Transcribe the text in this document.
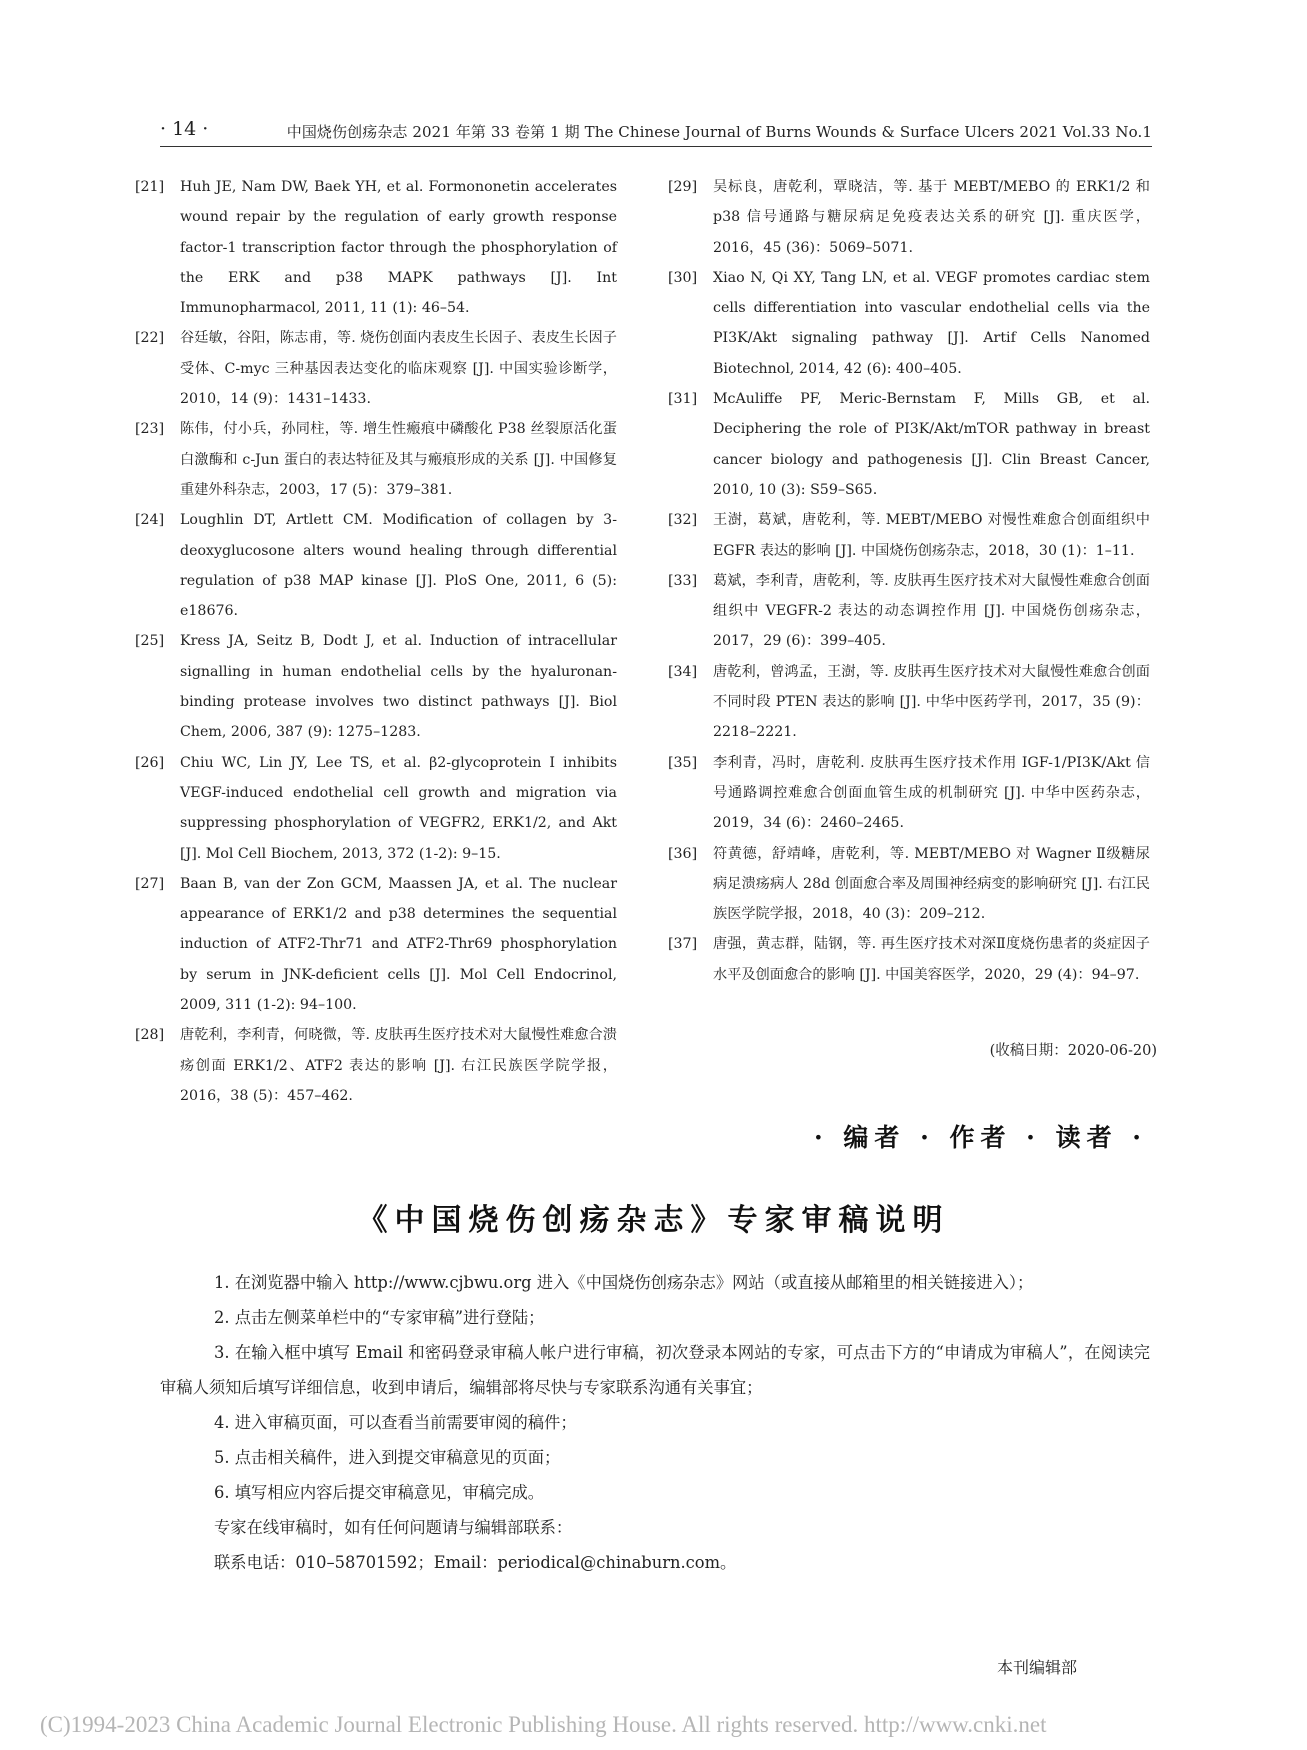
· 14 ·	中国烧伤创疡杂志 2021 年第 33 卷第 1 期 The Chinese Journal of Burns Wounds & Surface Ulcers 2021 Vol.33 No.1
[21]	Huh JE, Nam DW, Baek YH, et al. Formononetin accelerates wound repair by the regulation of early growth response factor-1 transcription factor through the phosphorylation of the ERK and p38 MAPK pathways [J]. Int Immunopharmacol, 2011, 11 (1): 46–54.
[22]	谷廷敏，谷阳，陈志甫，等. 烧伤创面内表皮生长因子、表皮生长因子受体、C-myc 三种基因表达变化的临床观察 [J]. 中国实验诊断学，2010，14 (9)：1431–1433.
[23]	陈伟，付小兵，孙同柱，等. 增生性瘢痕中磷酸化 P38 丝裂原活化蛋白激酶和 c-Jun 蛋白的表达特征及其与瘢痕形成的关系 [J]. 中国修复重建外科杂志，2003，17 (5)：379–381.
[24]	Loughlin DT, Artlett CM. Modification of collagen by 3-deoxyglucosone alters wound healing through differential regulation of p38 MAP kinase [J]. PloS One, 2011, 6 (5): e18676.
[25]	Kress JA, Seitz B, Dodt J, et al. Induction of intracellular signalling in human endothelial cells by the hyaluronan-binding protease involves two distinct pathways [J]. Biol Chem, 2006, 387 (9): 1275–1283.
[26]	Chiu WC, Lin JY, Lee TS, et al. β2-glycoprotein I inhibits VEGF-induced endothelial cell growth and migration via suppressing phosphorylation of VEGFR2, ERK1/2, and Akt [J]. Mol Cell Biochem, 2013, 372 (1-2): 9–15.
[27]	Baan B, van der Zon GCM, Maassen JA, et al. The nuclear appearance of ERK1/2 and p38 determines the sequential induction of ATF2-Thr71 and ATF2-Thr69 phosphorylation by serum in JNK-deficient cells [J]. Mol Cell Endocrinol, 2009, 311 (1-2): 94–100.
[28]	唐乾利，李利青，何晓微，等. 皮肤再生医疗技术对大鼠慢性难愈合溃疡创面 ERK1/2、ATF2 表达的影响 [J]. 右江民族医学院学报，2016，38 (5)：457–462.
[29]	吴标良，唐乾利，覃晓洁，等. 基于 MEBT/MEBO 的 ERK1/2 和 p38 信号通路与糖尿病足免疫表达关系的研究 [J]. 重庆医学，2016，45 (36)：5069–5071.
[30]	Xiao N, Qi XY, Tang LN, et al. VEGF promotes cardiac stem cells differentiation into vascular endothelial cells via the PI3K/Akt signaling pathway [J]. Artif Cells Nanomed Biotechnol, 2014, 42 (6): 400–405.
[31]	McAuliffe PF, Meric-Bernstam F, Mills GB, et al. Deciphering the role of PI3K/Akt/mTOR pathway in breast cancer biology and pathogenesis [J]. Clin Breast Cancer, 2010, 10 (3): S59–S65.
[32]	王澍，葛斌，唐乾利，等. MEBT/MEBO 对慢性难愈合创面组织中 EGFR 表达的影响 [J]. 中国烧伤创疡杂志，2018，30 (1)：1–11.
[33]	葛斌，李利青，唐乾利，等. 皮肤再生医疗技术对大鼠慢性难愈合创面组织中 VEGFR-2 表达的动态调控作用 [J]. 中国烧伤创疡杂志，2017，29 (6)：399–405.
[34]	唐乾利，曾鸿孟，王澍，等. 皮肤再生医疗技术对大鼠慢性难愈合创面不同时段 PTEN 表达的影响 [J]. 中华中医药学刊，2017，35 (9)：2218–2221.
[35]	李利青，冯时，唐乾利. 皮肤再生医疗技术作用 IGF-1/PI3K/Akt 信号通路调控难愈合创面血管生成的机制研究 [J]. 中华中医药杂志，2019，34 (6)：2460–2465.
[36]	符黄德，舒靖峰，唐乾利，等. MEBT/MEBO 对 Wagner Ⅱ级糖尿病足溃疡病人 28d 创面愈合率及周围神经病变的影响研究 [J]. 右江民族医学院学报，2018，40 (3)：209–212.
[37]	唐强，黄志群，陆钢，等. 再生医疗技术对深Ⅱ度烧伤患者的炎症因子水平及创面愈合的影响 [J]. 中国美容医学，2020，29 (4)：94–97.
(收稿日期：2020-06-20)
· 编者 · 作者 · 读者 ·
《中国烧伤创疡杂志》专家审稿说明

1. 在浏览器中输入 http://www.cjbwu.org 进入《中国烧伤创疡杂志》网站（或直接从邮箱里的相关链接进入）；

2. 点击左侧菜单栏中的“专家审稿”进行登陆；

3. 在输入框中填写 Email 和密码登录审稿人帐户进行审稿，初次登录本网站的专家，可点击下方的“申请成为审稿人”，在阅读完审稿人须知后填写详细信息，收到申请后，编辑部将尽快与专家联系沟通有关事宜；

4. 进入审稿页面，可以查看当前需要审阅的稿件；

5. 点击相关稿件，进入到提交审稿意见的页面；

6. 填写相应内容后提交审稿意见，审稿完成。

专家在线审稿时，如有任何问题请与编辑部联系：

联系电话：010–58701592；Email：periodical@chinaburn.com。

本刊编辑部
(C)1994-2023 China Academic Journal Electronic Publishing House. All rights reserved. http://www.cnki.net
